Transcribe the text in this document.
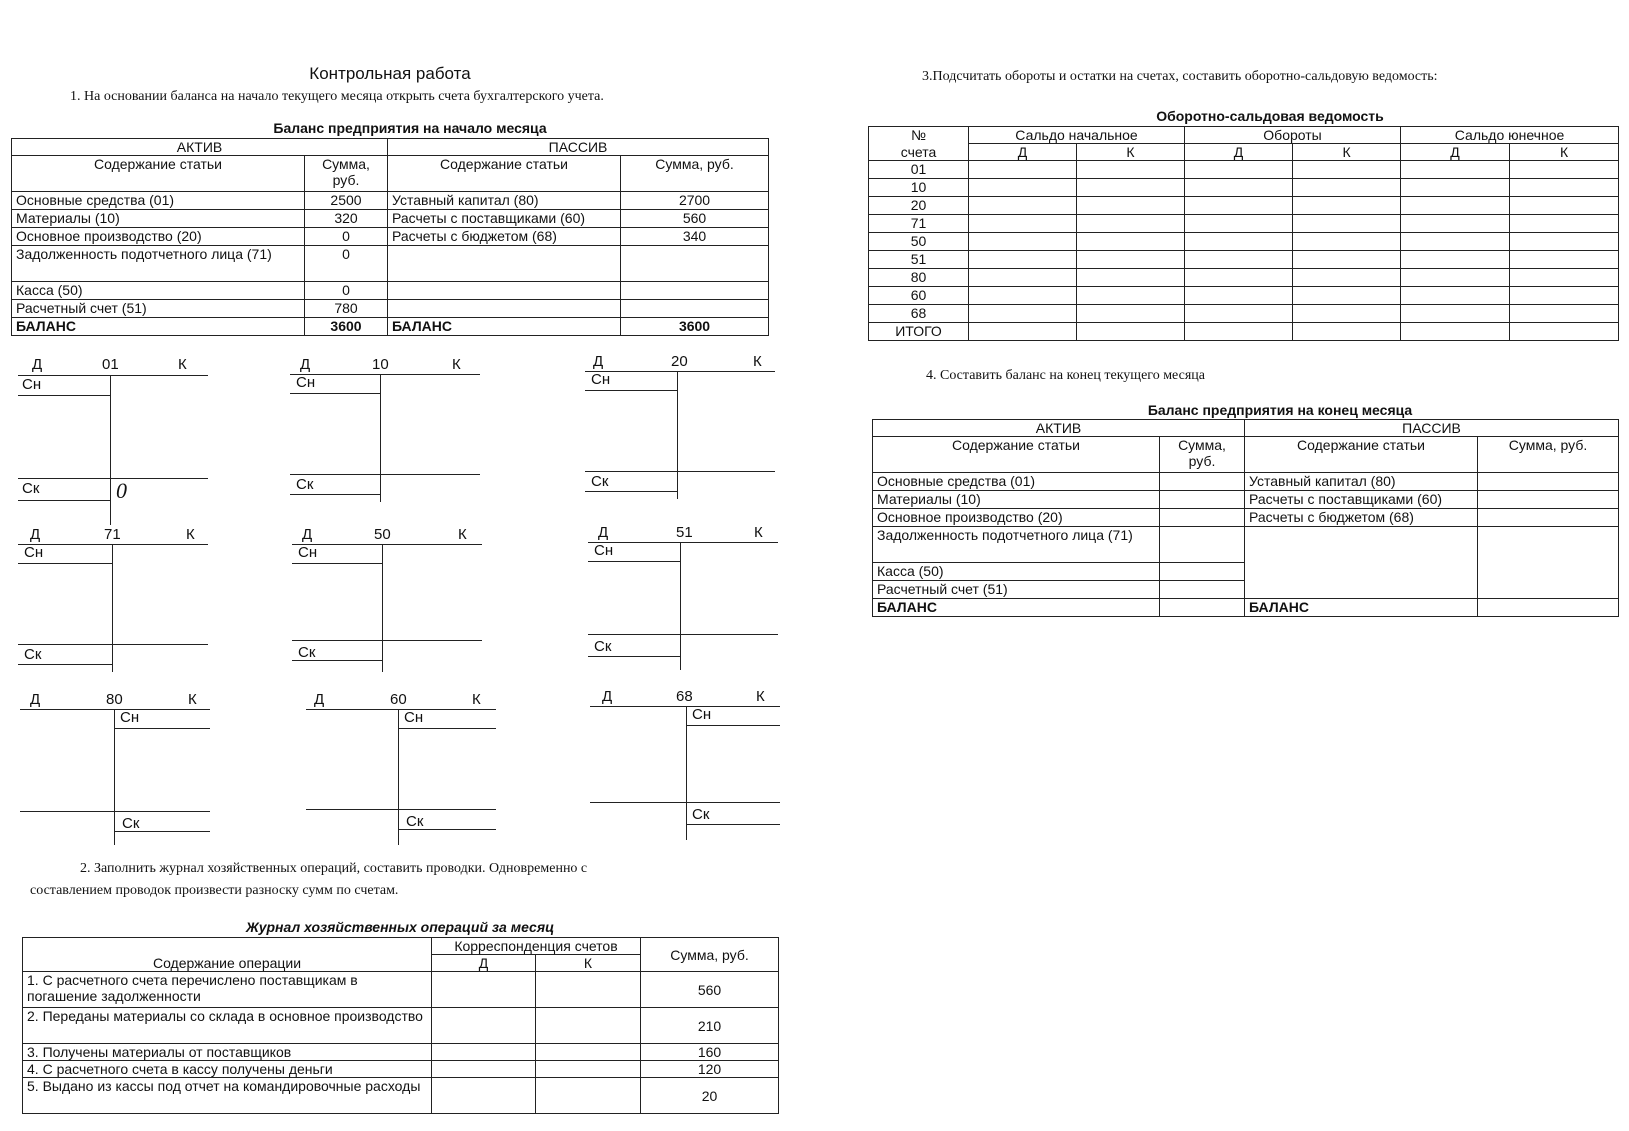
Контрольная работа
1. На основании баланса на начало текущего месяца открыть счета бухгалтерского учета.
Баланс предприятия на начало месяца
АКТИВ		ПАССИВ	
Содержание статьи	Сумма, руб.	Содержание статьи	Сумма, руб.
Основные средства (01)	2500	Уставный капитал (80)	2700
Материалы (10)	320	Расчеты с поставщиками (60)	560
Основное производство (20)	0	Расчеты с бюджетом (68)	340
Задолженность подотчетного лица (71)	0		
Касса (50)	0		
Расчетный счет (51)	780		
БАЛАНС	3600	БАЛАНС	3600
Д	01	К
Сн
Ск	0
Д	10	К
Сн
Ск
Д	20	К
Сн
Ск
Д	71	К
Сн
Ск
Д	50	К
Сн
Ск
Д	51	К
Сн
Ск
Д	80	К
Сн
Ск
Д	60	К
Сн
Ск
Д	68	К
Сн
Ск
2. Заполнить журнал хозяйственных операций, составить проводки. Одновременно с
составлением проводок произвести разноску сумм по счетам.
Журнал хозяйственных операций за месяц
Содержание операции	Корреспонденция счетов		Сумма, руб.
	Д	К	
1. С расчетного счета перечислено поставщикам в погашение задолженности			560
2. Переданы материалы со склада в основное производство			210
3. Получены материалы от поставщиков			160
4. С расчетного счета в кассу получены деньги			120
5. Выдано из кассы под отчет на командировочные расходы			20
3.Подсчитать обороты и остатки на счетах, составить оборотно-сальдовую ведомость:
Оборотно-сальдовая ведомость
№	Сальдо начальное		Обороты		Сальдо юнечное	
счета	Д	К	Д	К	Д	К
01						
10						
20						
71						
50						
51						
80						
60						
68						
ИТОГО						
4. Составить баланс на конец текущего месяца
Баланс предприятия на конец месяца
АКТИВ		ПАССИВ	
Содержание статьи	Сумма, руб.	Содержание статьи	Сумма, руб.
Основные средства (01)		Уставный капитал (80)	
Материалы (10)		Расчеты с поставщиками (60)	
Основное производство (20)		Расчеты с бюджетом (68)	
Задолженность подотчетного лица (71)			
Касса (50)			
Расчетный счет (51)			
БАЛАНС		БАЛАНС	
